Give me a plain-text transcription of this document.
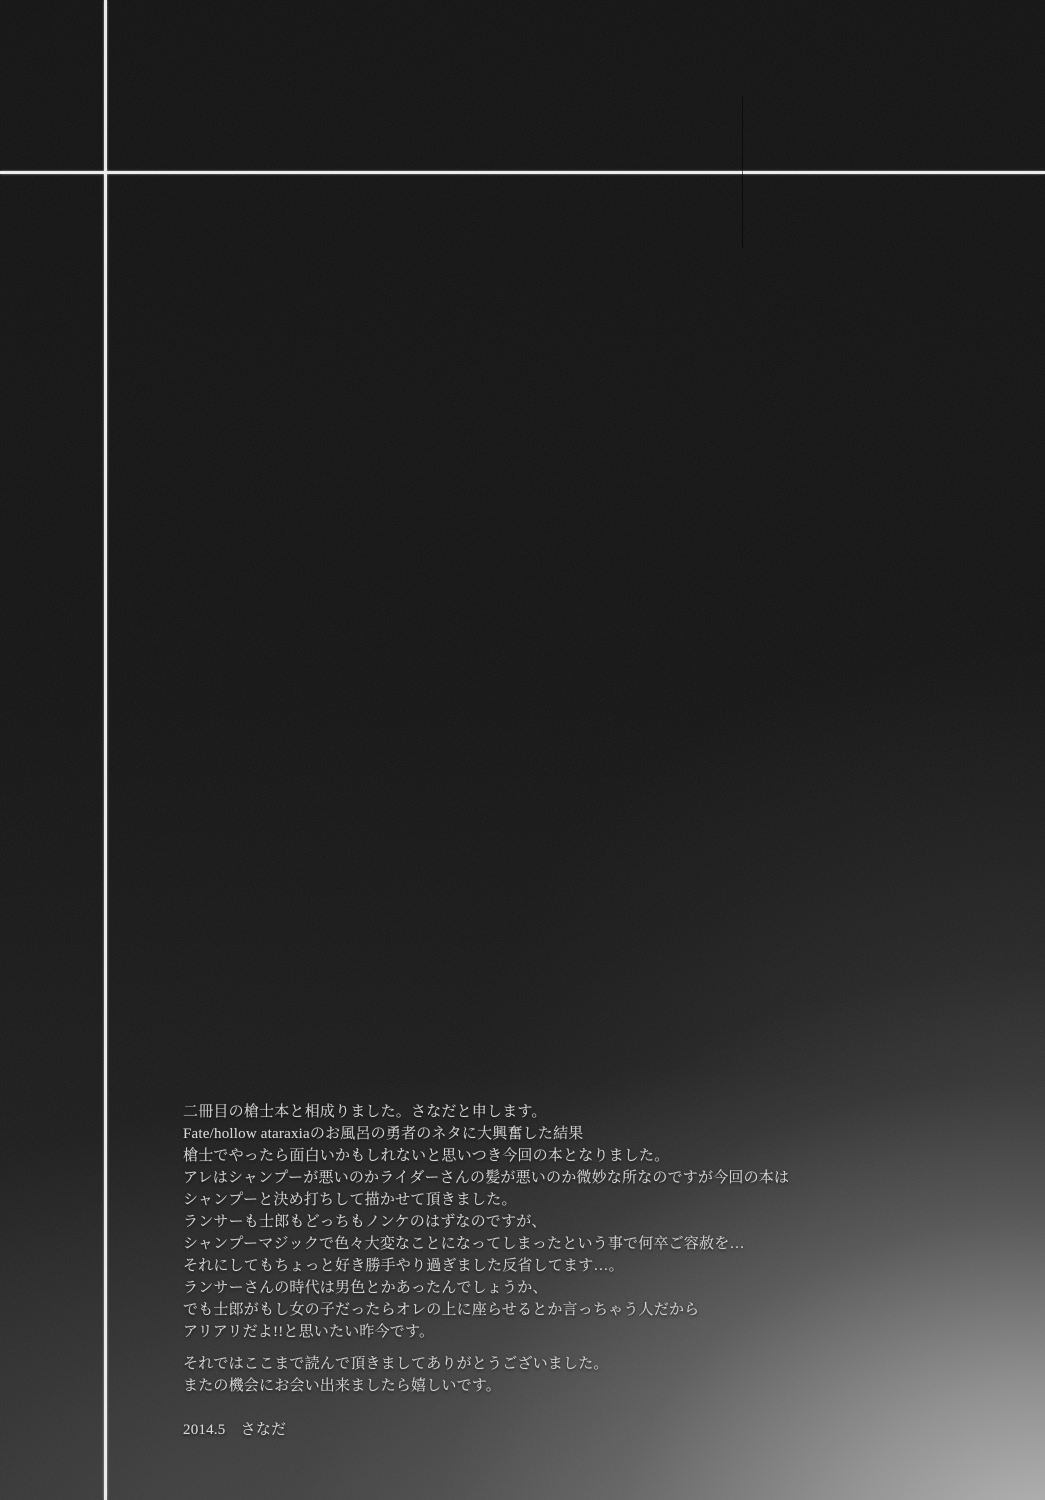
二冊目の槍士本と相成りました。さなだと申します。
Fate/hollow ataraxiaのお風呂の勇者のネタに大興奮した結果
槍士でやったら面白いかもしれないと思いつき今回の本となりました。
アレはシャンプーが悪いのかライダーさんの髪が悪いのか微妙な所なのですが今回の本は
シャンプーと決め打ちして描かせて頂きました。
ランサーも士郎もどっちもノンケのはずなのですが、
シャンプーマジックで色々大変なことになってしまったという事で何卒ご容赦を…
それにしてもちょっと好き勝手やり過ぎました反省してます…。
ランサーさんの時代は男色とかあったんでしょうか、
でも士郎がもし女の子だったらオレの上に座らせるとか言っちゃう人だから
アリアリだよ!!と思いたい昨今です。
それではここまで読んで頂きましてありがとうございました。
またの機会にお会い出来ましたら嬉しいです。
2014.5　さなだ
